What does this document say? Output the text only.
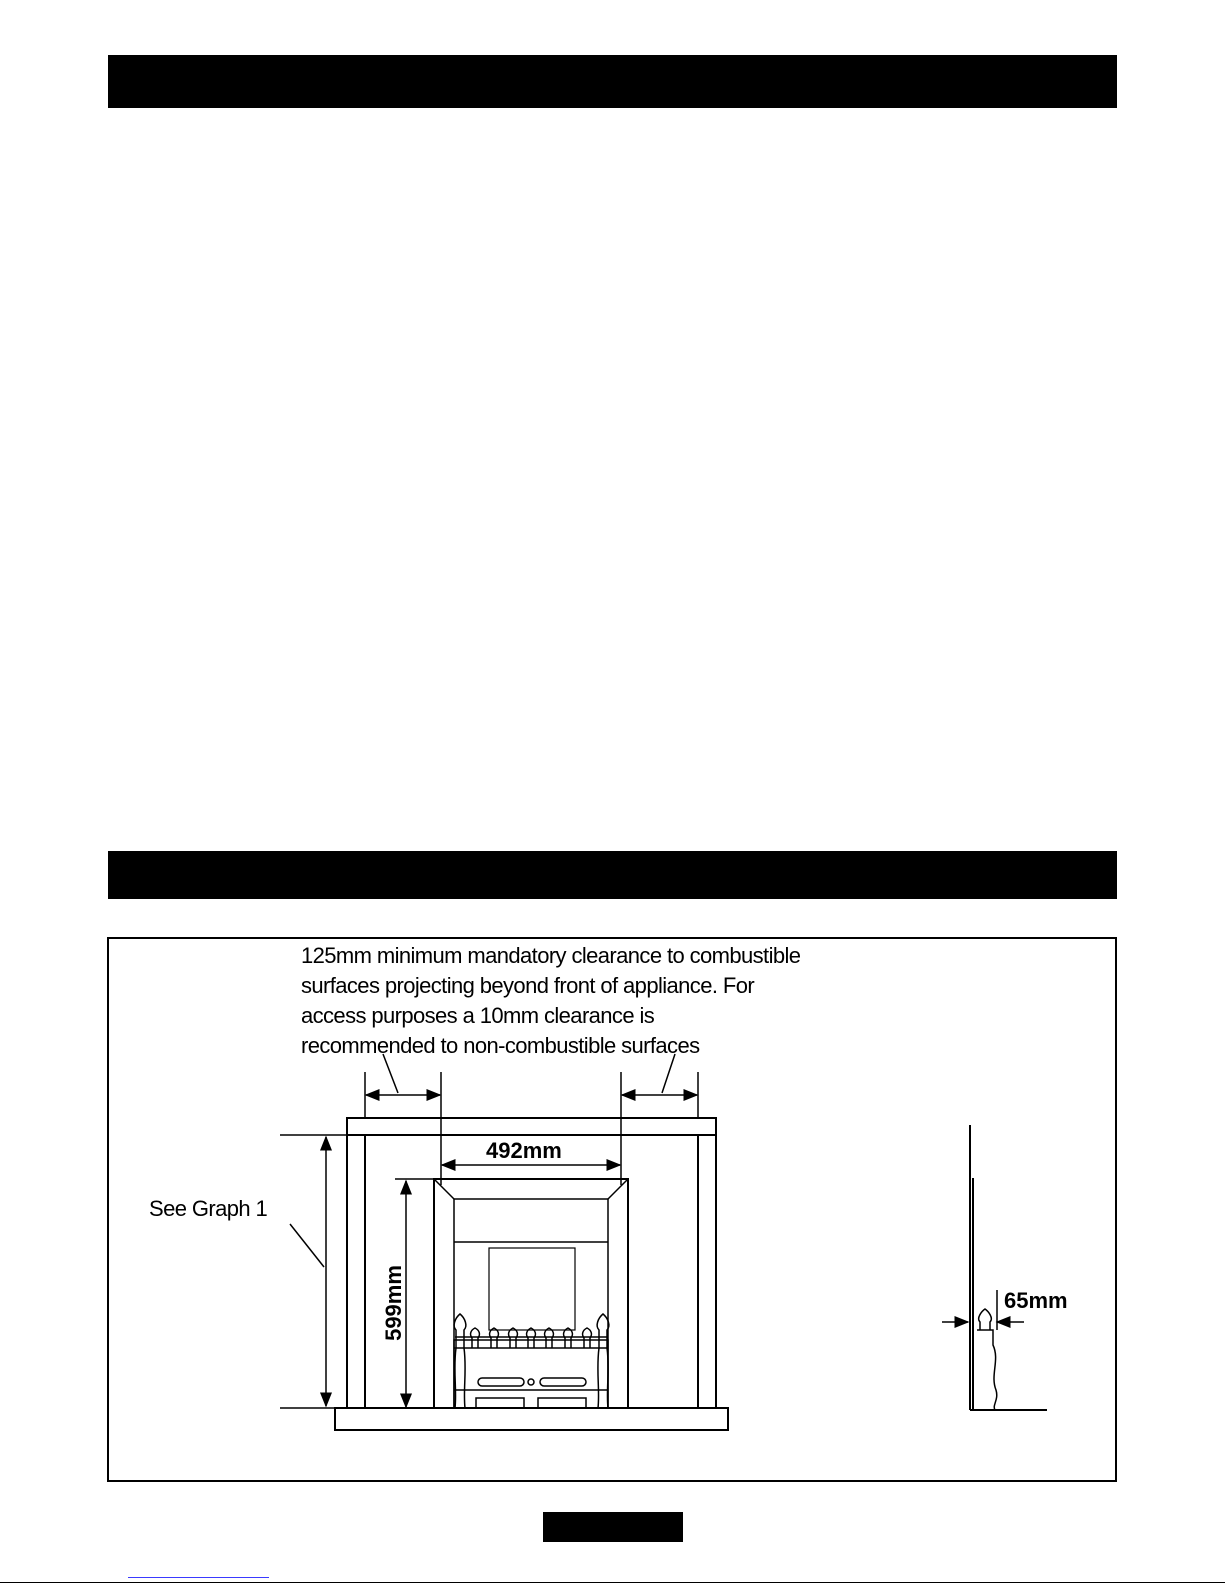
125mm minimum mandatory clearance to combustible
surfaces projecting beyond front of appliance. For
access purposes a 10mm clearance is
recommended to non-combustible surfaces
See Graph 1
492mm
599mm	65mm
